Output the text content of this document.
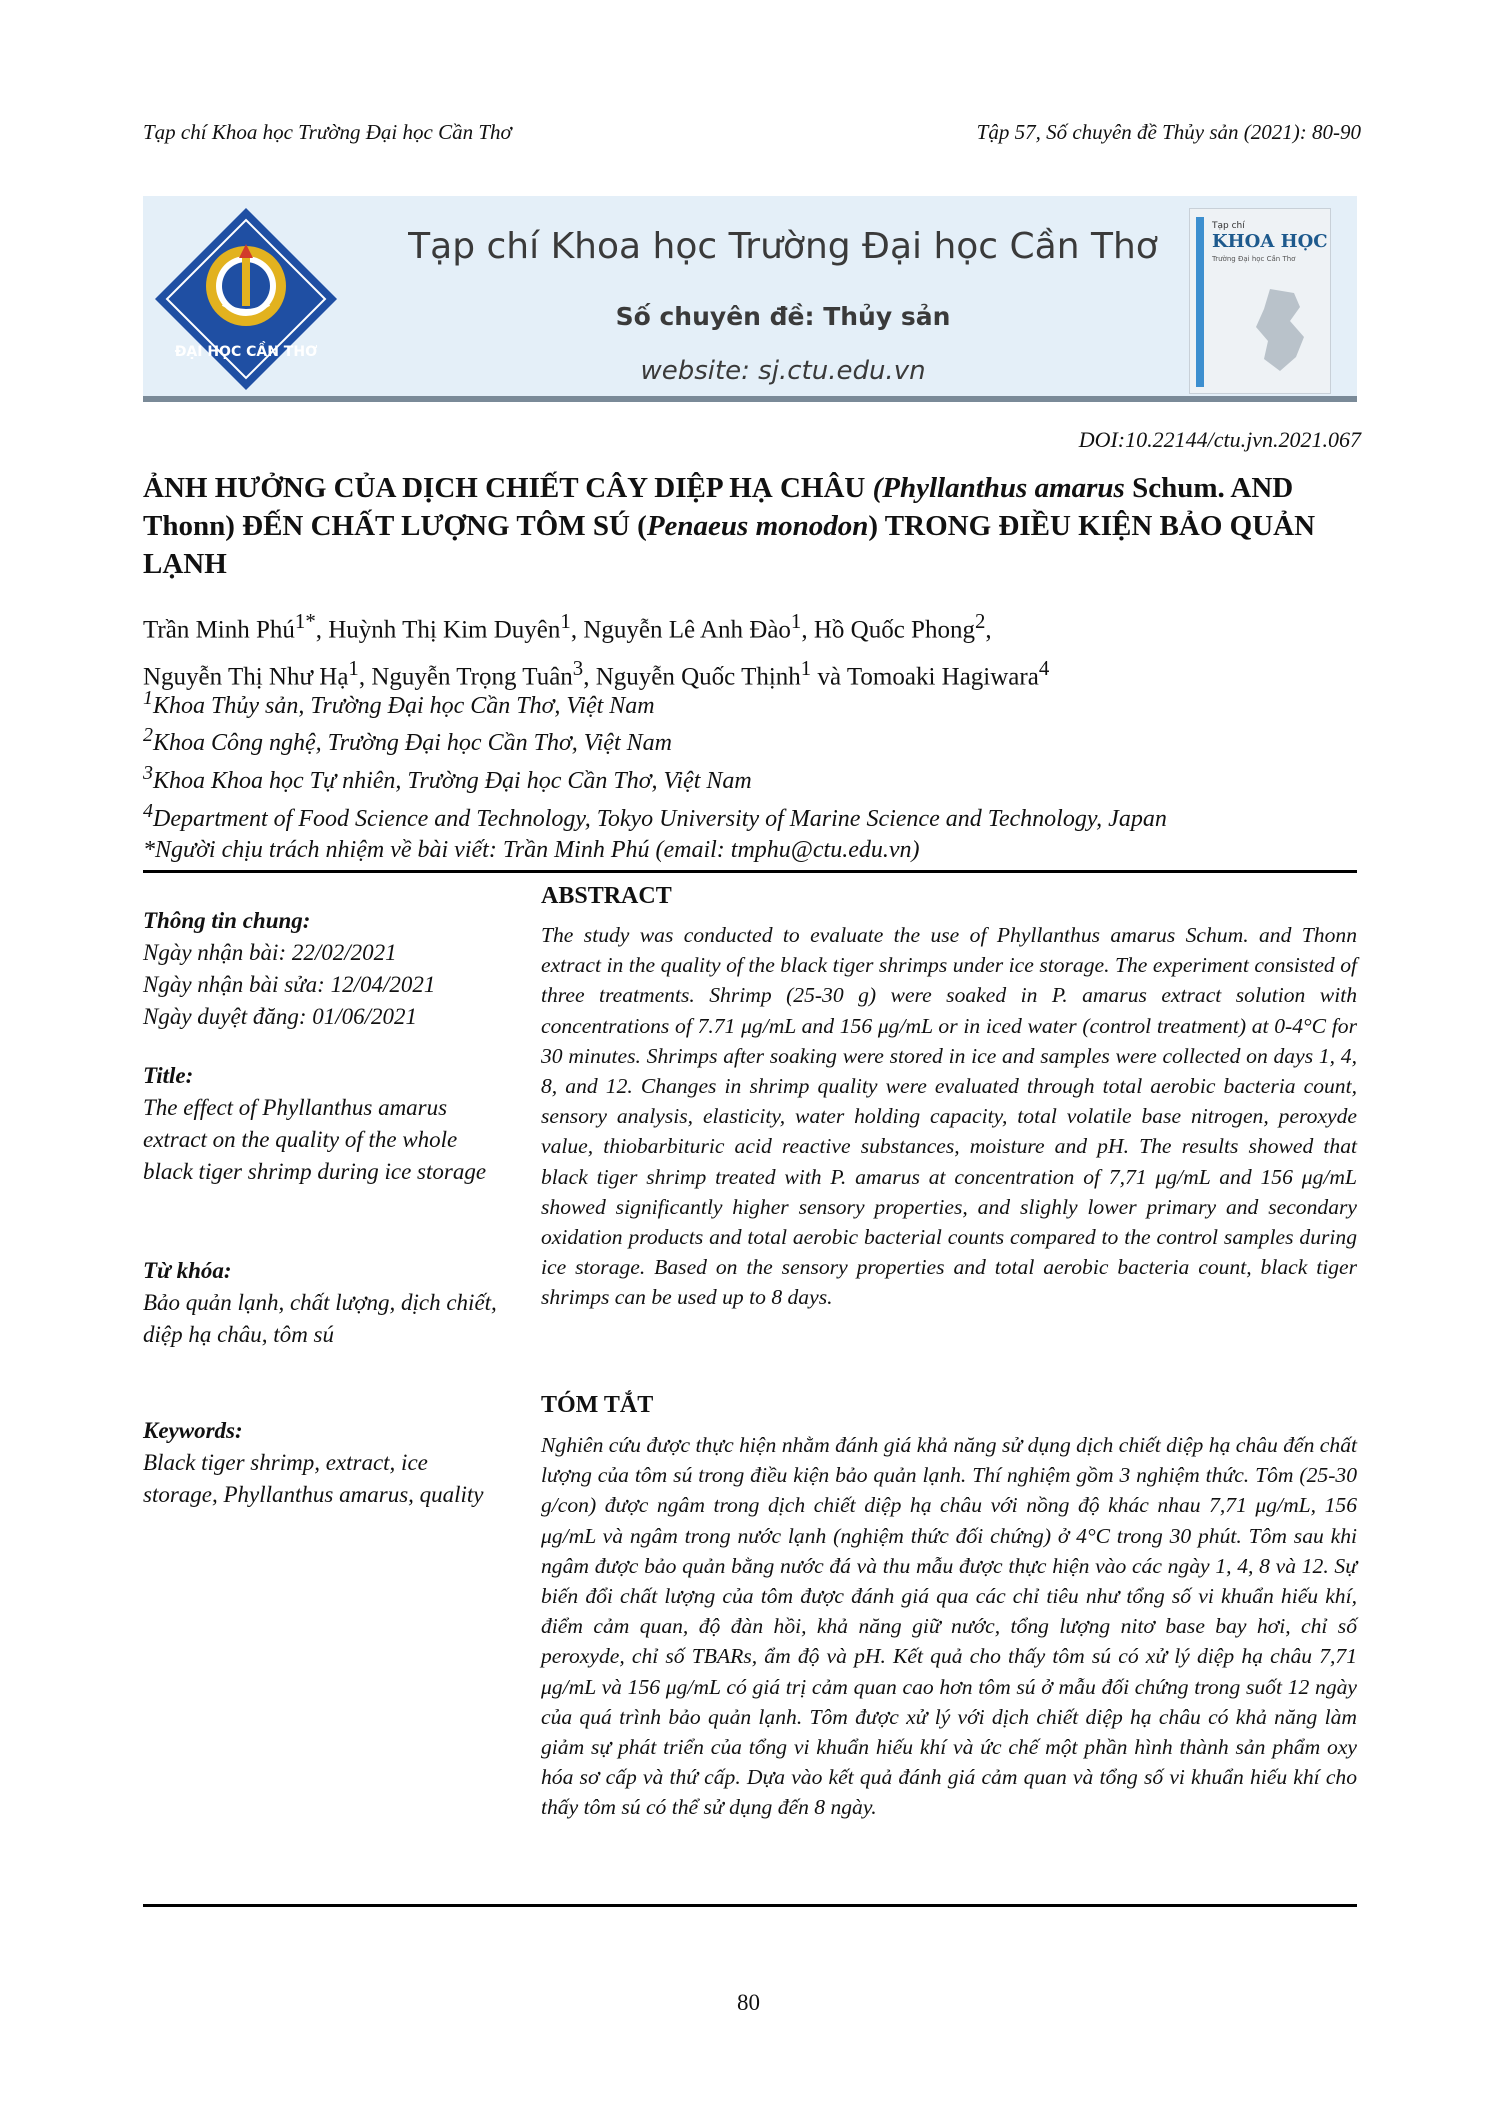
Tạp chí Khoa học Trường Đại học Cần Thơ	Tập 57, Số chuyên đề Thủy sản (2021): 80-90
ĐẠI HỌC CẦN THƠ
Tạp chí Khoa học Trường Đại học Cần Thơ
Số chuyên đề: Thủy sản
website: sj.ctu.edu.vn
Tạp chí
KHOA HỌC
Trường Đại học Cần Thơ
DOI:10.22144/ctu.jvn.2021.067
ẢNH HƯỞNG CỦA DỊCH CHIẾT CÂY DIỆP HẠ CHÂU (Phyllanthus amarus Schum. AND Thonn) ĐẾN CHẤT LƯỢNG TÔM SÚ (Penaeus monodon) TRONG ĐIỀU KIỆN BẢO QUẢN LẠNH
Trần Minh Phú$^{1*}$, Huỳnh Thị Kim Duyên$^1$, Nguyễn Lê Anh Đào$^1$, Hồ Quốc Phong$^2$,
Nguyễn Thị Như Hạ$^1$, Nguyễn Trọng Tuân$^3$, Nguyễn Quốc Thịnh$^1$ và Tomoaki Hagiwara$^4$
$^1$Khoa Thủy sản, Trường Đại học Cần Thơ, Việt Nam
$^2$Khoa Công nghệ, Trường Đại học Cần Thơ, Việt Nam
$^3$Khoa Khoa học Tự nhiên, Trường Đại học Cần Thơ, Việt Nam
$^4$Department of Food Science and Technology, Tokyo University of Marine Science and Technology, Japan
*Người chịu trách nhiệm về bài viết: Trần Minh Phú (email: tmphu@ctu.edu.vn)
Thông tin chung:
Ngày nhận bài: 22/02/2021
Ngày nhận bài sửa: 12/04/2021
Ngày duyệt đăng: 01/06/2021
Title:
The effect of Phyllanthus amarus extract on the quality of the whole black tiger shrimp during ice storage
Từ khóa:
Bảo quản lạnh, chất lượng, dịch chiết, diệp hạ châu, tôm sú
Keywords:
Black tiger shrimp, extract, ice storage, Phyllanthus amarus, quality
ABSTRACT
The study was conducted to evaluate the use of Phyllanthus amarus Schum. and Thonn extract in the quality of the black tiger shrimps under ice storage. The experiment consisted of three treatments. Shrimp (25-30 g) were soaked in P. amarus extract solution with concentrations of 7.71 μg/mL and 156 μg/mL or in iced water (control treatment) at 0-4°C for 30 minutes. Shrimps after soaking were stored in ice and samples were collected on days 1, 4, 8, and 12. Changes in shrimp quality were evaluated through total aerobic bacteria count, sensory analysis, elasticity, water holding capacity, total volatile base nitrogen, peroxyde value, thiobarbituric acid reactive substances, moisture and pH. The results showed that black tiger shrimp treated with P. amarus at concentration of 7,71 μg/mL and 156 μg/mL showed significantly higher sensory properties, and slighly lower primary and secondary oxidation products and total aerobic bacterial counts compared to the control samples during ice storage. Based on the sensory properties and total aerobic bacteria count, black tiger shrimps can be used up to 8 days.
TÓM TẮT
Nghiên cứu được thực hiện nhằm đánh giá khả năng sử dụng dịch chiết diệp hạ châu đến chất lượng của tôm sú trong điều kiện bảo quản lạnh. Thí nghiệm gồm 3 nghiệm thức. Tôm (25-30 g/con) được ngâm trong dịch chiết diệp hạ châu với nồng độ khác nhau 7,71 μg/mL, 156 μg/mL và ngâm trong nước lạnh (nghiệm thức đối chứng) ở 4°C trong 30 phút. Tôm sau khi ngâm được bảo quản bằng nước đá và thu mẫu được thực hiện vào các ngày 1, 4, 8 và 12. Sự biến đổi chất lượng của tôm được đánh giá qua các chỉ tiêu như tổng số vi khuẩn hiếu khí, điểm cảm quan, độ đàn hồi, khả năng giữ nước, tổng lượng nitơ base bay hơi, chỉ số peroxyde, chỉ số TBARs, ẩm độ và pH. Kết quả cho thấy tôm sú có xử lý diệp hạ châu 7,71 μg/mL và 156 μg/mL có giá trị cảm quan cao hơn tôm sú ở mẫu đối chứng trong suốt 12 ngày của quá trình bảo quản lạnh. Tôm được xử lý với dịch chiết diệp hạ châu có khả năng làm giảm sự phát triển của tổng vi khuẩn hiếu khí và ức chế một phần hình thành sản phẩm oxy hóa sơ cấp và thứ cấp. Dựa vào kết quả đánh giá cảm quan và tổng số vi khuẩn hiếu khí cho thấy tôm sú có thể sử dụng đến 8 ngày.
80
